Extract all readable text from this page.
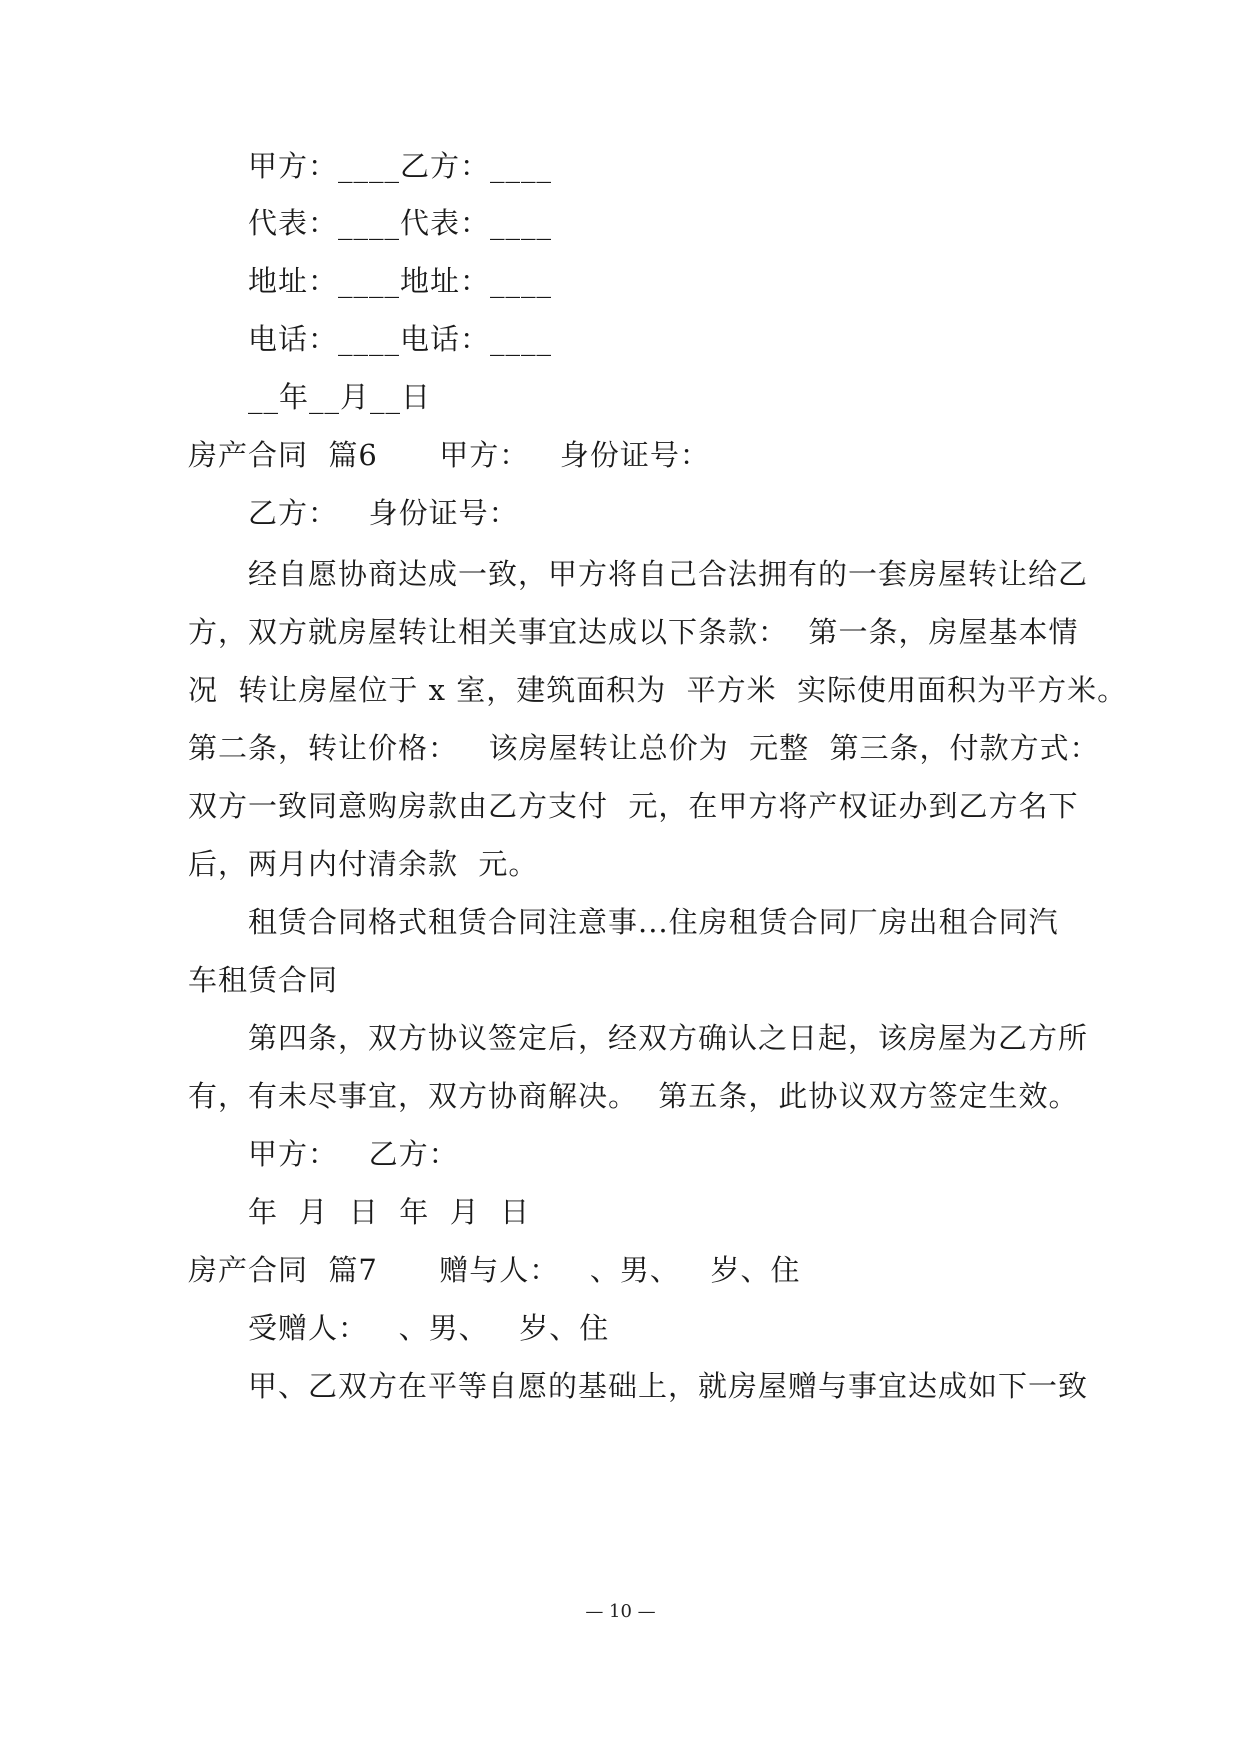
甲方：____乙方：____
代表：____代表：____
地址：____地址：____
电话：____电话：____
__年__月__日
房产合同  篇6      甲方：   身份证号：
乙方：   身份证号：
经自愿协商达成一致，甲方将自己合法拥有的一套房屋转让给乙
方，双方就房屋转让相关事宜达成以下条款：  第一条，房屋基本情
况  转让房屋位于 x 室，建筑面积为  平方米  实际使用面积为平方米。
第二条，转让价格：   该房屋转让总价为  元整  第三条，付款方式：
双方一致同意购房款由乙方支付  元，在甲方将产权证办到乙方名下
后，两月内付清余款  元。
租赁合同格式租赁合同注意事...住房租赁合同厂房出租合同汽
车租赁合同
第四条，双方协议签定后，经双方确认之日起，该房屋为乙方所
有，有未尽事宜，双方协商解决。  第五条，此协议双方签定生效。
甲方：   乙方：
年  月  日  年  月  日
房产合同  篇7      赠与人：   、男、   岁、住
受赠人：   、男、   岁、住
甲、乙双方在平等自愿的基础上，就房屋赠与事宜达成如下一致
— 10 —
